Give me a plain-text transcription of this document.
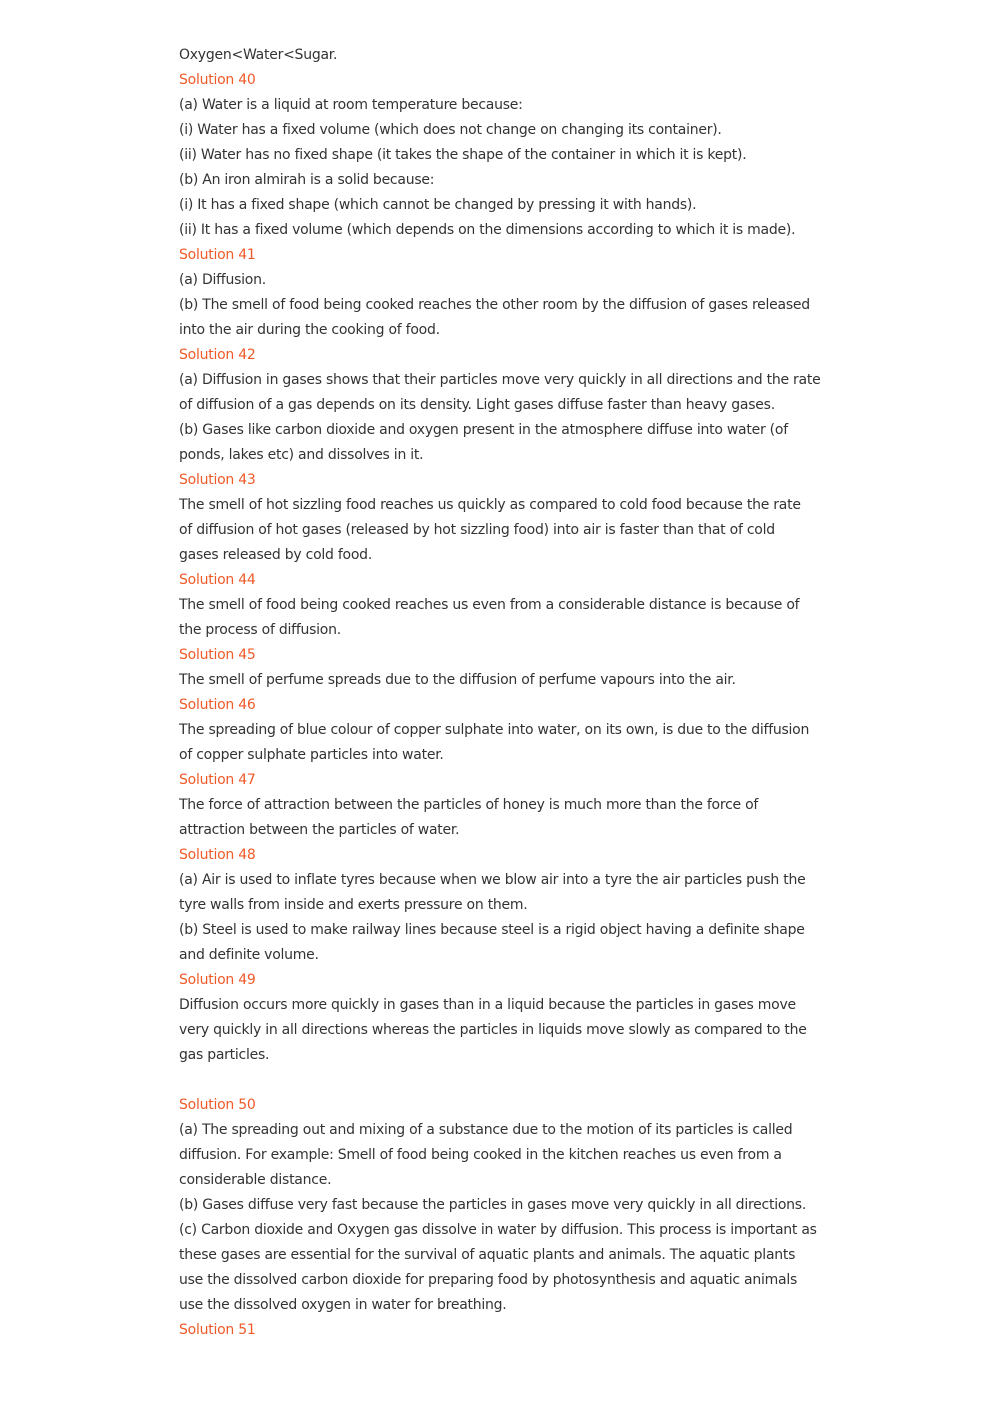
Oxygen<Water<Sugar.

Solution 40

(a) Water is a liquid at room temperature because:

(i) Water has a fixed volume (which does not change on changing its container).

(ii) Water has no fixed shape (it takes the shape of the container in which it is kept).

(b) An iron almirah is a solid because:

(i) It has a fixed shape (which cannot be changed by pressing it with hands).

(ii) It has a fixed volume (which depends on the dimensions according to which it is made).

Solution 41

(a) Diffusion.

(b) The smell of food being cooked reaches the other room by the diffusion of gases released

into the air during the cooking of food.

Solution 42

(a) Diffusion in gases shows that their particles move very quickly in all directions and the rate

of diffusion of a gas depends on its density. Light gases diffuse faster than heavy gases.

(b) Gases like carbon dioxide and oxygen present in the atmosphere diffuse into water (of

ponds, lakes etc) and dissolves in it.

Solution 43

The smell of hot sizzling food reaches us quickly as compared to cold food because the rate

of diffusion of hot gases (released by hot sizzling food) into air is faster than that of cold

gases released by cold food.

Solution 44

The smell of food being cooked reaches us even from a considerable distance is because of

the process of diffusion.

Solution 45

The smell of perfume spreads due to the diffusion of perfume vapours into the air.

Solution 46

The spreading of blue colour of copper sulphate into water, on its own, is due to the diffusion

of copper sulphate particles into water.

Solution 47

The force of attraction between the particles of honey is much more than the force of

attraction between the particles of water.

Solution 48

(a) Air is used to inflate tyres because when we blow air into a tyre the air particles push the

tyre walls from inside and exerts pressure on them.

(b) Steel is used to make railway lines because steel is a rigid object having a definite shape

and definite volume.

Solution 49

Diffusion occurs more quickly in gases than in a liquid because the particles in gases move

very quickly in all directions whereas the particles in liquids move slowly as compared to the

gas particles.

Solution 50

(a) The spreading out and mixing of a substance due to the motion of its particles is called

diffusion. For example: Smell of food being cooked in the kitchen reaches us even from a

considerable distance.

(b) Gases diffuse very fast because the particles in gases move very quickly in all directions.

(c) Carbon dioxide and Oxygen gas dissolve in water by diffusion. This process is important as

these gases are essential for the survival of aquatic plants and animals. The aquatic plants

use the dissolved carbon dioxide for preparing food by photosynthesis and aquatic animals

use the dissolved oxygen in water for breathing.

Solution 51
